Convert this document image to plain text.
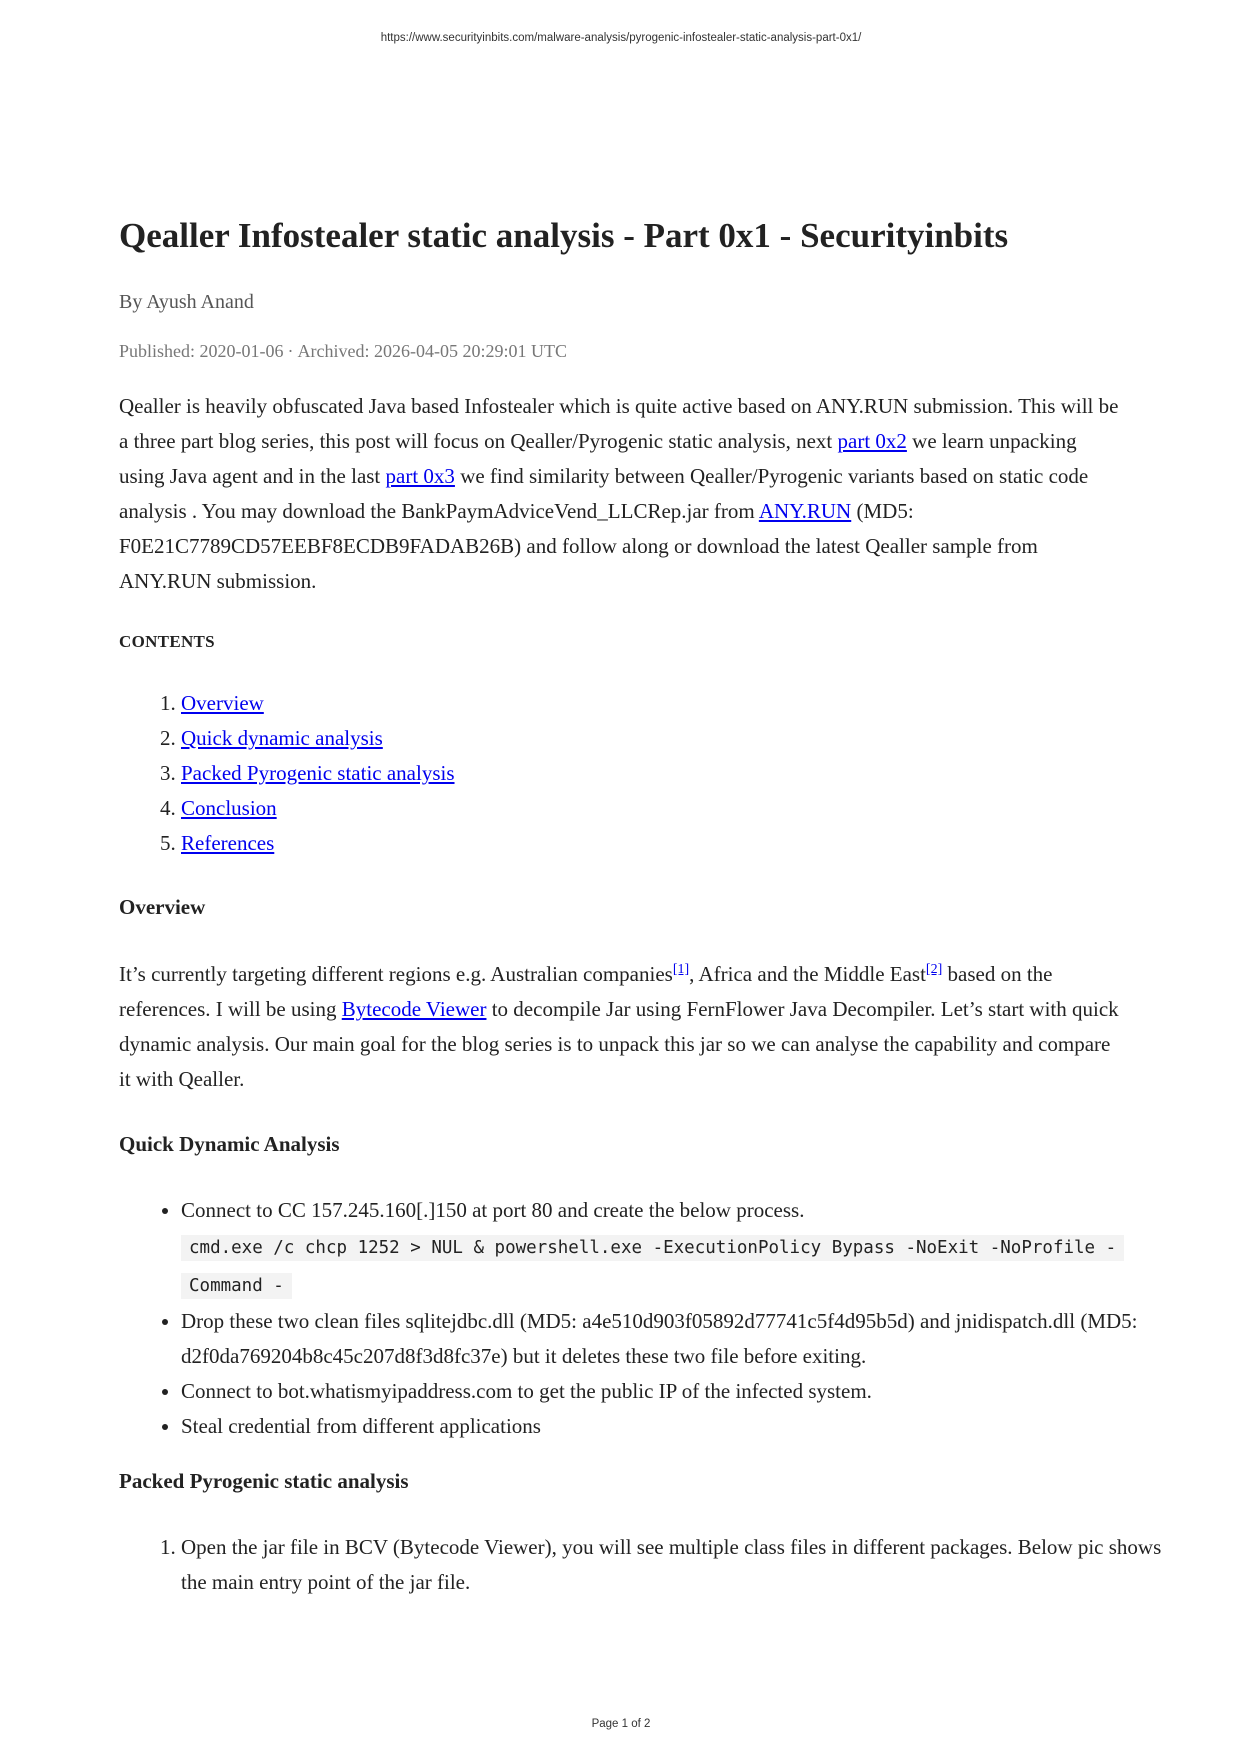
https://www.securityinbits.com/malware-analysis/pyrogenic-infostealer-static-analysis-part-0x1/
Qealler Infostealer static analysis - Part 0x1 - Securityinbits
By Ayush Anand
Published: 2020-01-06 · Archived: 2026-04-05 20:29:01 UTC

Qealler is heavily obfuscated Java based Infostealer which is quite active based on ANY.RUN submission. This will be a three part blog series, this post will focus on Qealler/Pyrogenic static analysis, next part 0x2 we learn unpacking using Java agent and in the last part 0x3 we find similarity between Qealler/Pyrogenic variants based on static code analysis . You may download the BankPaymAdviceVend_LLCRep.jar from ANY.RUN (MD5: F0E21C7789CD57EEBF8ECDB9FADAB26B) and follow along or download the latest Qealler sample from ANY.RUN submission.

CONTENTS
1. Overview
2. Quick dynamic analysis
3. Packed Pyrogenic static analysis
4. Conclusion
5. References
Overview

It’s currently targeting different regions e.g. Australian companies[1], Africa and the Middle East[2] based on the references. I will be using Bytecode Viewer to decompile Jar using FernFlower Java Decompiler. Let’s start with quick dynamic analysis. Our main goal for the blog series is to unpack this jar so we can analyse the capability and compare it with Qealler.

Quick Dynamic Analysis
• Connect to CC 157.245.160[.]150 at port 80 and create the below process.
cmd.exe /c chcp 1252 > NUL & powershell.exe -ExecutionPolicy Bypass -NoExit -NoProfile -Command -
• Drop these two clean files sqlitejdbc.dll (MD5: a4e510d903f05892d77741c5f4d95b5d) and jnidispatch.dll (MD5: d2f0da769204b8c45c207d8f3d8fc37e) but it deletes these two file before exiting.
• Connect to bot.whatismyipaddress.com to get the public IP of the infected system.
• Steal credential from different applications
Packed Pyrogenic static analysis
1. Open the jar file in BCV (Bytecode Viewer), you will see multiple class files in different packages. Below pic shows the main entry point of the jar file.
Page 1 of 2
